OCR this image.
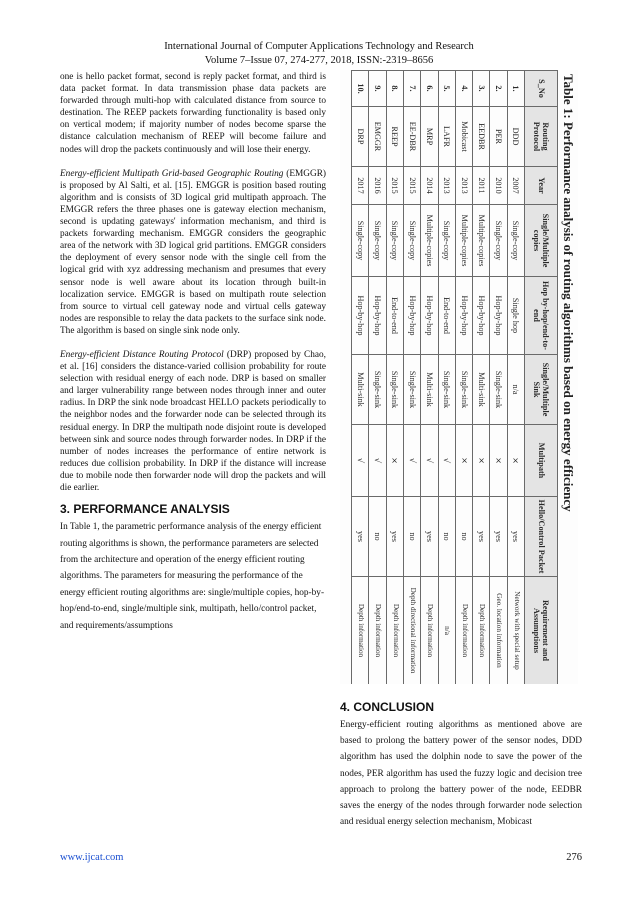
International Journal of Computer Applications Technology and Research
Volume 7–Issue 07, 274-277, 2018, ISSN:-2319–8656

one is hello packet format, second is reply packet format, and third is data packet format. In data transmission phase data packets are forwarded through multi-hop with calculated distance from source to destination. The REEP packets forwarding functionality is based only on vertical modem; if majority number of nodes become sparse the distance calculation mechanism of REEP will become failure and nodes will drop the packets continuously and will lose their energy.

Energy-efficient Multipath Grid-based Geographic Routing (EMGGR) is proposed by Al Salti, et al. [15]. EMGGR is position based routing algorithm and is consists of 3D logical grid multipath approach. The EMGGR refers the three phases one is gateway election mechanism, second is updating gateways' information mechanism, and third is packets forwarding mechanism. EMGGR considers the geographic area of the network with 3D logical grid partitions. EMGGR considers the deployment of every sensor node with the single cell from the logical grid with xyz addressing mechanism and presumes that every sensor node is well aware about its location through built-in localization service. EMGGR is based on multipath route selection from source to virtual cell gateway node and virtual cells gateway nodes are responsible to relay the data packets to the surface sink node. The algorithm is based on single sink node only.

Energy-efficient Distance Routing Protocol (DRP) proposed by Chao, et al. [16] considers the distance-varied collision probability for route selection with residual energy of each node. DRP is based on smaller and larger vulnerability range between nodes through inner and outer radius. In DRP the sink node broadcast HELLO packets periodically to the neighbor nodes and the forwarder node can be selected through its residual energy. In DRP the multipath node disjoint route is developed between sink and source nodes through forwarder nodes. In DRP if the number of nodes increases the performance of entire network is reduces due collision probability. In DRP if the distance will increase due to mobile node then forwarder node will drop the packets and will die earlier.

3. PERFORMANCE ANALYSIS
In Table 1, the parametric performance analysis of the energy efficient routing algorithms is shown, the performance parameters are selected from the architecture and operation of the energy efficient routing algorithms. The parameters for measuring the performance of the energy efficient routing algorithms are: single/multiple copies, hop-by-hop/end-to-end, single/multiple sink, multipath, hello/control packet, and requirements/assumptions
Table 1: Performance analysis of routing algorithms based on energy efficiency
S_No	Routing Protocol	Year	Single/Multiple copies	Hop by-hop/end-to-end	Single/Multiple Sink	Multipath	Hello/Control Packet	Requirement and Assumptions
1.	DDD	2007	Single-copy	Single hop	n/a	×	yes	Network with special setup
2.	PER	2010	Single-copy	Hop-by-hop	Single-sink	×	yes	Geo. location information
3.	EEDBR	2011	Multiple-copies	Hop-by-hop	Multi-sink	×	yes	Depth information
4.	Mobicast	2013	Multiple-copies	Hop-by-hop	Single-sink	×	no	Depth information
5.	LAFR	2013	Single-copy	End-to-end	Single-sink	√	no	n/a
6.	MRP	2014	Multiple-copies	Hop-by-hop	Multi-sink	√	yes	Depth information
7.	EE-DBR	2015	Single-copy	Hop-by-hop	Single-sink	√	no	Depth directional information
8.	REEP	2015	Single-copy	End-to-end	Single-sink	×	yes	Depth information
9.	EMGGR	2016	Single-copy	Hop-by-hop	Single-sink	√	no	Depth information
10.	DRP	2017	Single-copy	Hop-by-hop	Multi-sink	√	yes	Depth information
4. CONCLUSION
Energy-efficient routing algorithms as mentioned above are based to prolong the battery power of the sensor nodes, DDD algorithm has used the dolphin node to save the power of the nodes, PER algorithm has used the fuzzy logic and decision tree approach to prolong the battery power of the node, EEDBR saves the energy of the nodes through forwarder node selection and residual energy selection mechanism, Mobicast
www.ijcat.com	276
